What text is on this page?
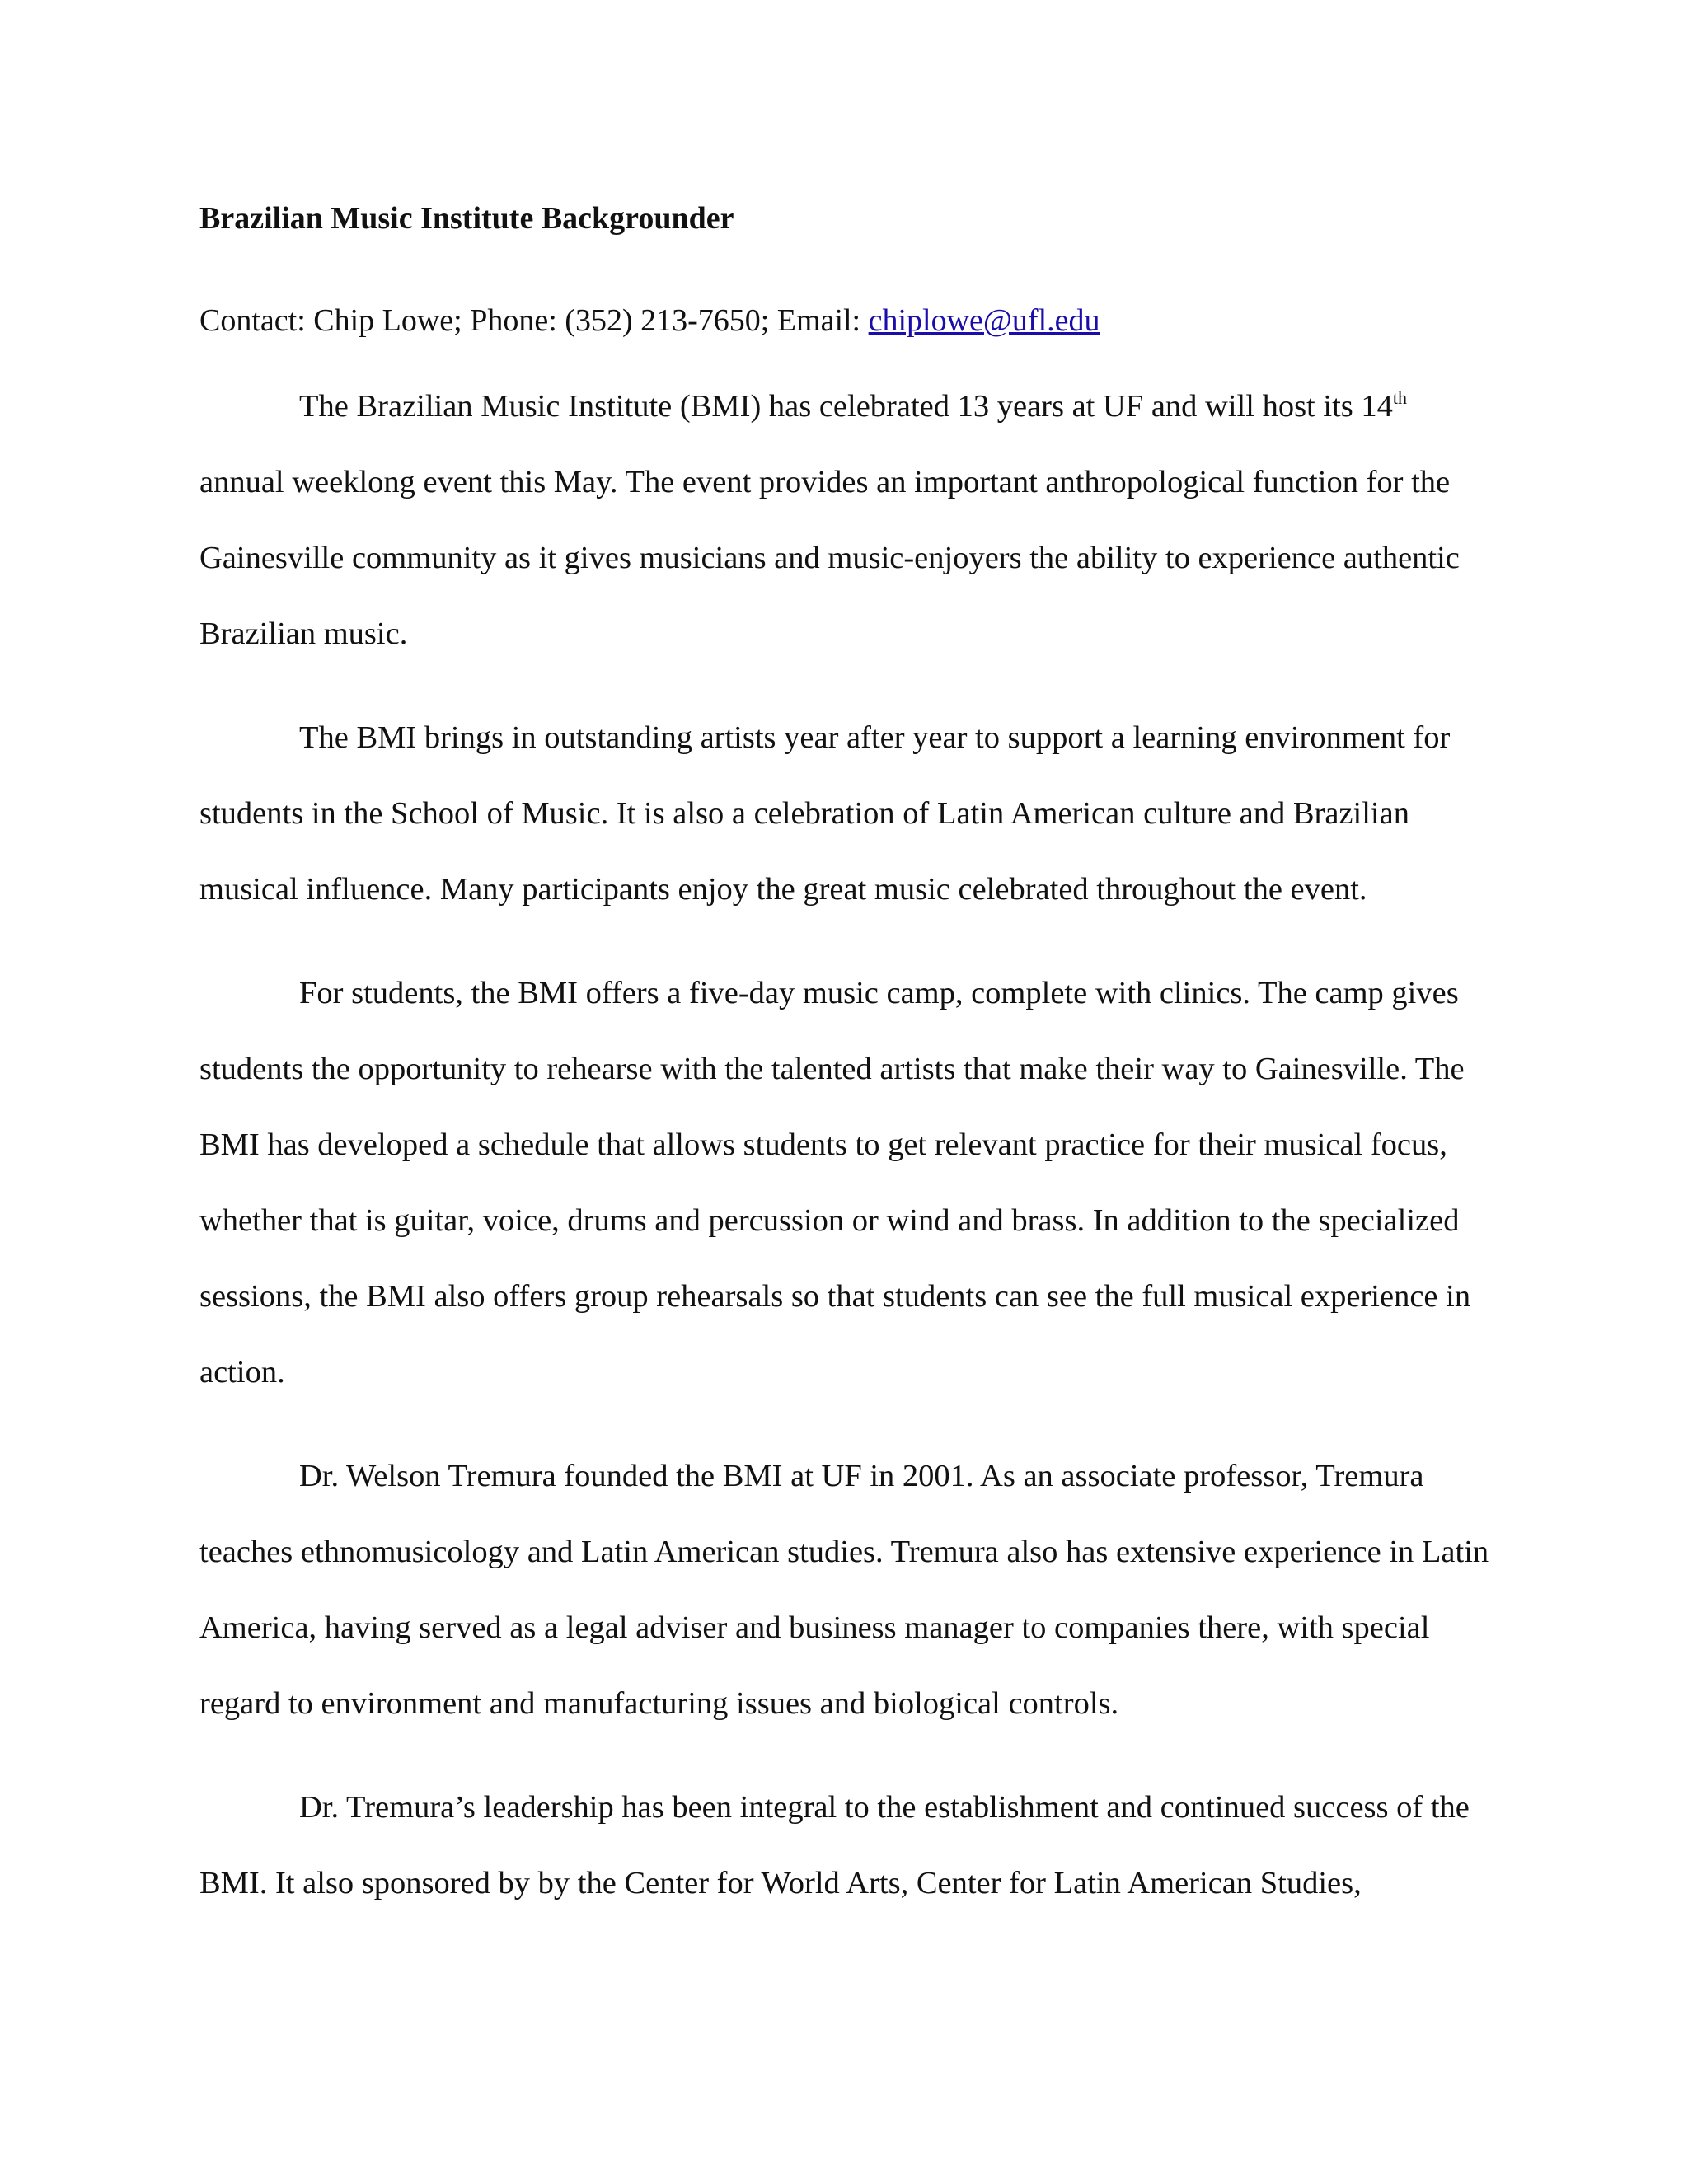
Brazilian Music Institute Backgrounder

Contact: Chip Lowe; Phone: (352) 213-7650; Email: chiplowe@ufl.edu

The Brazilian Music Institute (BMI) has celebrated 13 years at UF and will host its 14th annual weeklong event this May. The event provides an important anthropological function for the Gainesville community as it gives musicians and music-enjoyers the ability to experience authentic Brazilian music.

The BMI brings in outstanding artists year after year to support a learning environment for students in the School of Music. It is also a celebration of Latin American culture and Brazilian musical influence. Many participants enjoy the great music celebrated throughout the event.

For students, the BMI offers a five-day music camp, complete with clinics. The camp gives students the opportunity to rehearse with the talented artists that make their way to Gainesville. The BMI has developed a schedule that allows students to get relevant practice for their musical focus, whether that is guitar, voice, drums and percussion or wind and brass. In addition to the specialized sessions, the BMI also offers group rehearsals so that students can see the full musical experience in action.

Dr. Welson Tremura founded the BMI at UF in 2001. As an associate professor, Tremura teaches ethnomusicology and Latin American studies. Tremura also has extensive experience in Latin America, having served as a legal adviser and business manager to companies there, with special regard to environment and manufacturing issues and biological controls.

Dr. Tremura’s leadership has been integral to the establishment and continued success of the BMI. It also sponsored by by the Center for World Arts, Center for Latin American Studies,
